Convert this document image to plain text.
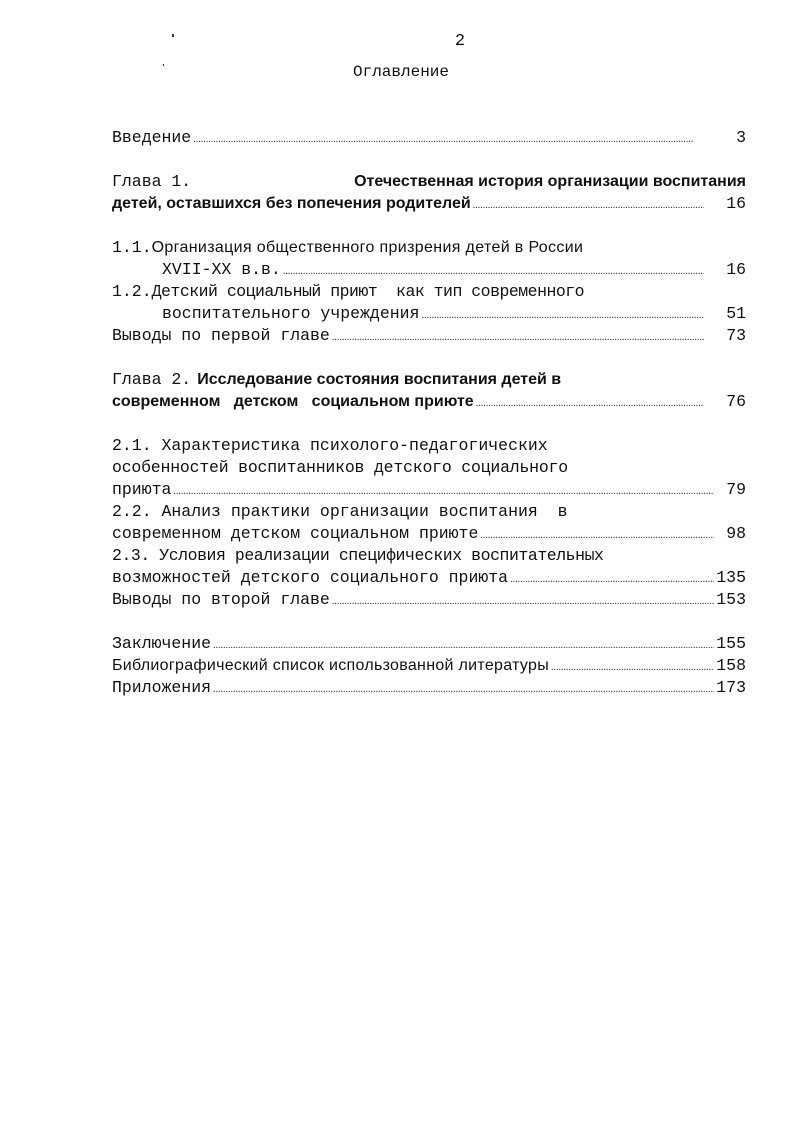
2
Оглавление
Введение .....	3
Глава 1.	Отечественная история организации воспитания
детей, оставшихся без попечения родителей .....	16
1.1. Организация общественного призрения детей в России
XVII-XX в.в. .....	16
1.2. Детский социальный приют  как тип современного
воспитательного учреждения .....	51
Выводы по первой главе .....	73
Глава 2. Исследование состояния воспитания детей в
современном   детском   социальном приюте .....	76
2.1. Характеристика психолого-педагогических
особенностей воспитанников детского социального
приюта .....	79
2.2. Анализ практики организации воспитания  в
современном детском социальном приюте .....	98
2.3. Условия реализации специфических воспитательных
возможностей детского социального приюта .....	135
Выводы по второй главе .....	153
Заключение .....	155
Библиографический список использованной литературы .....	158
Приложения .....	173
